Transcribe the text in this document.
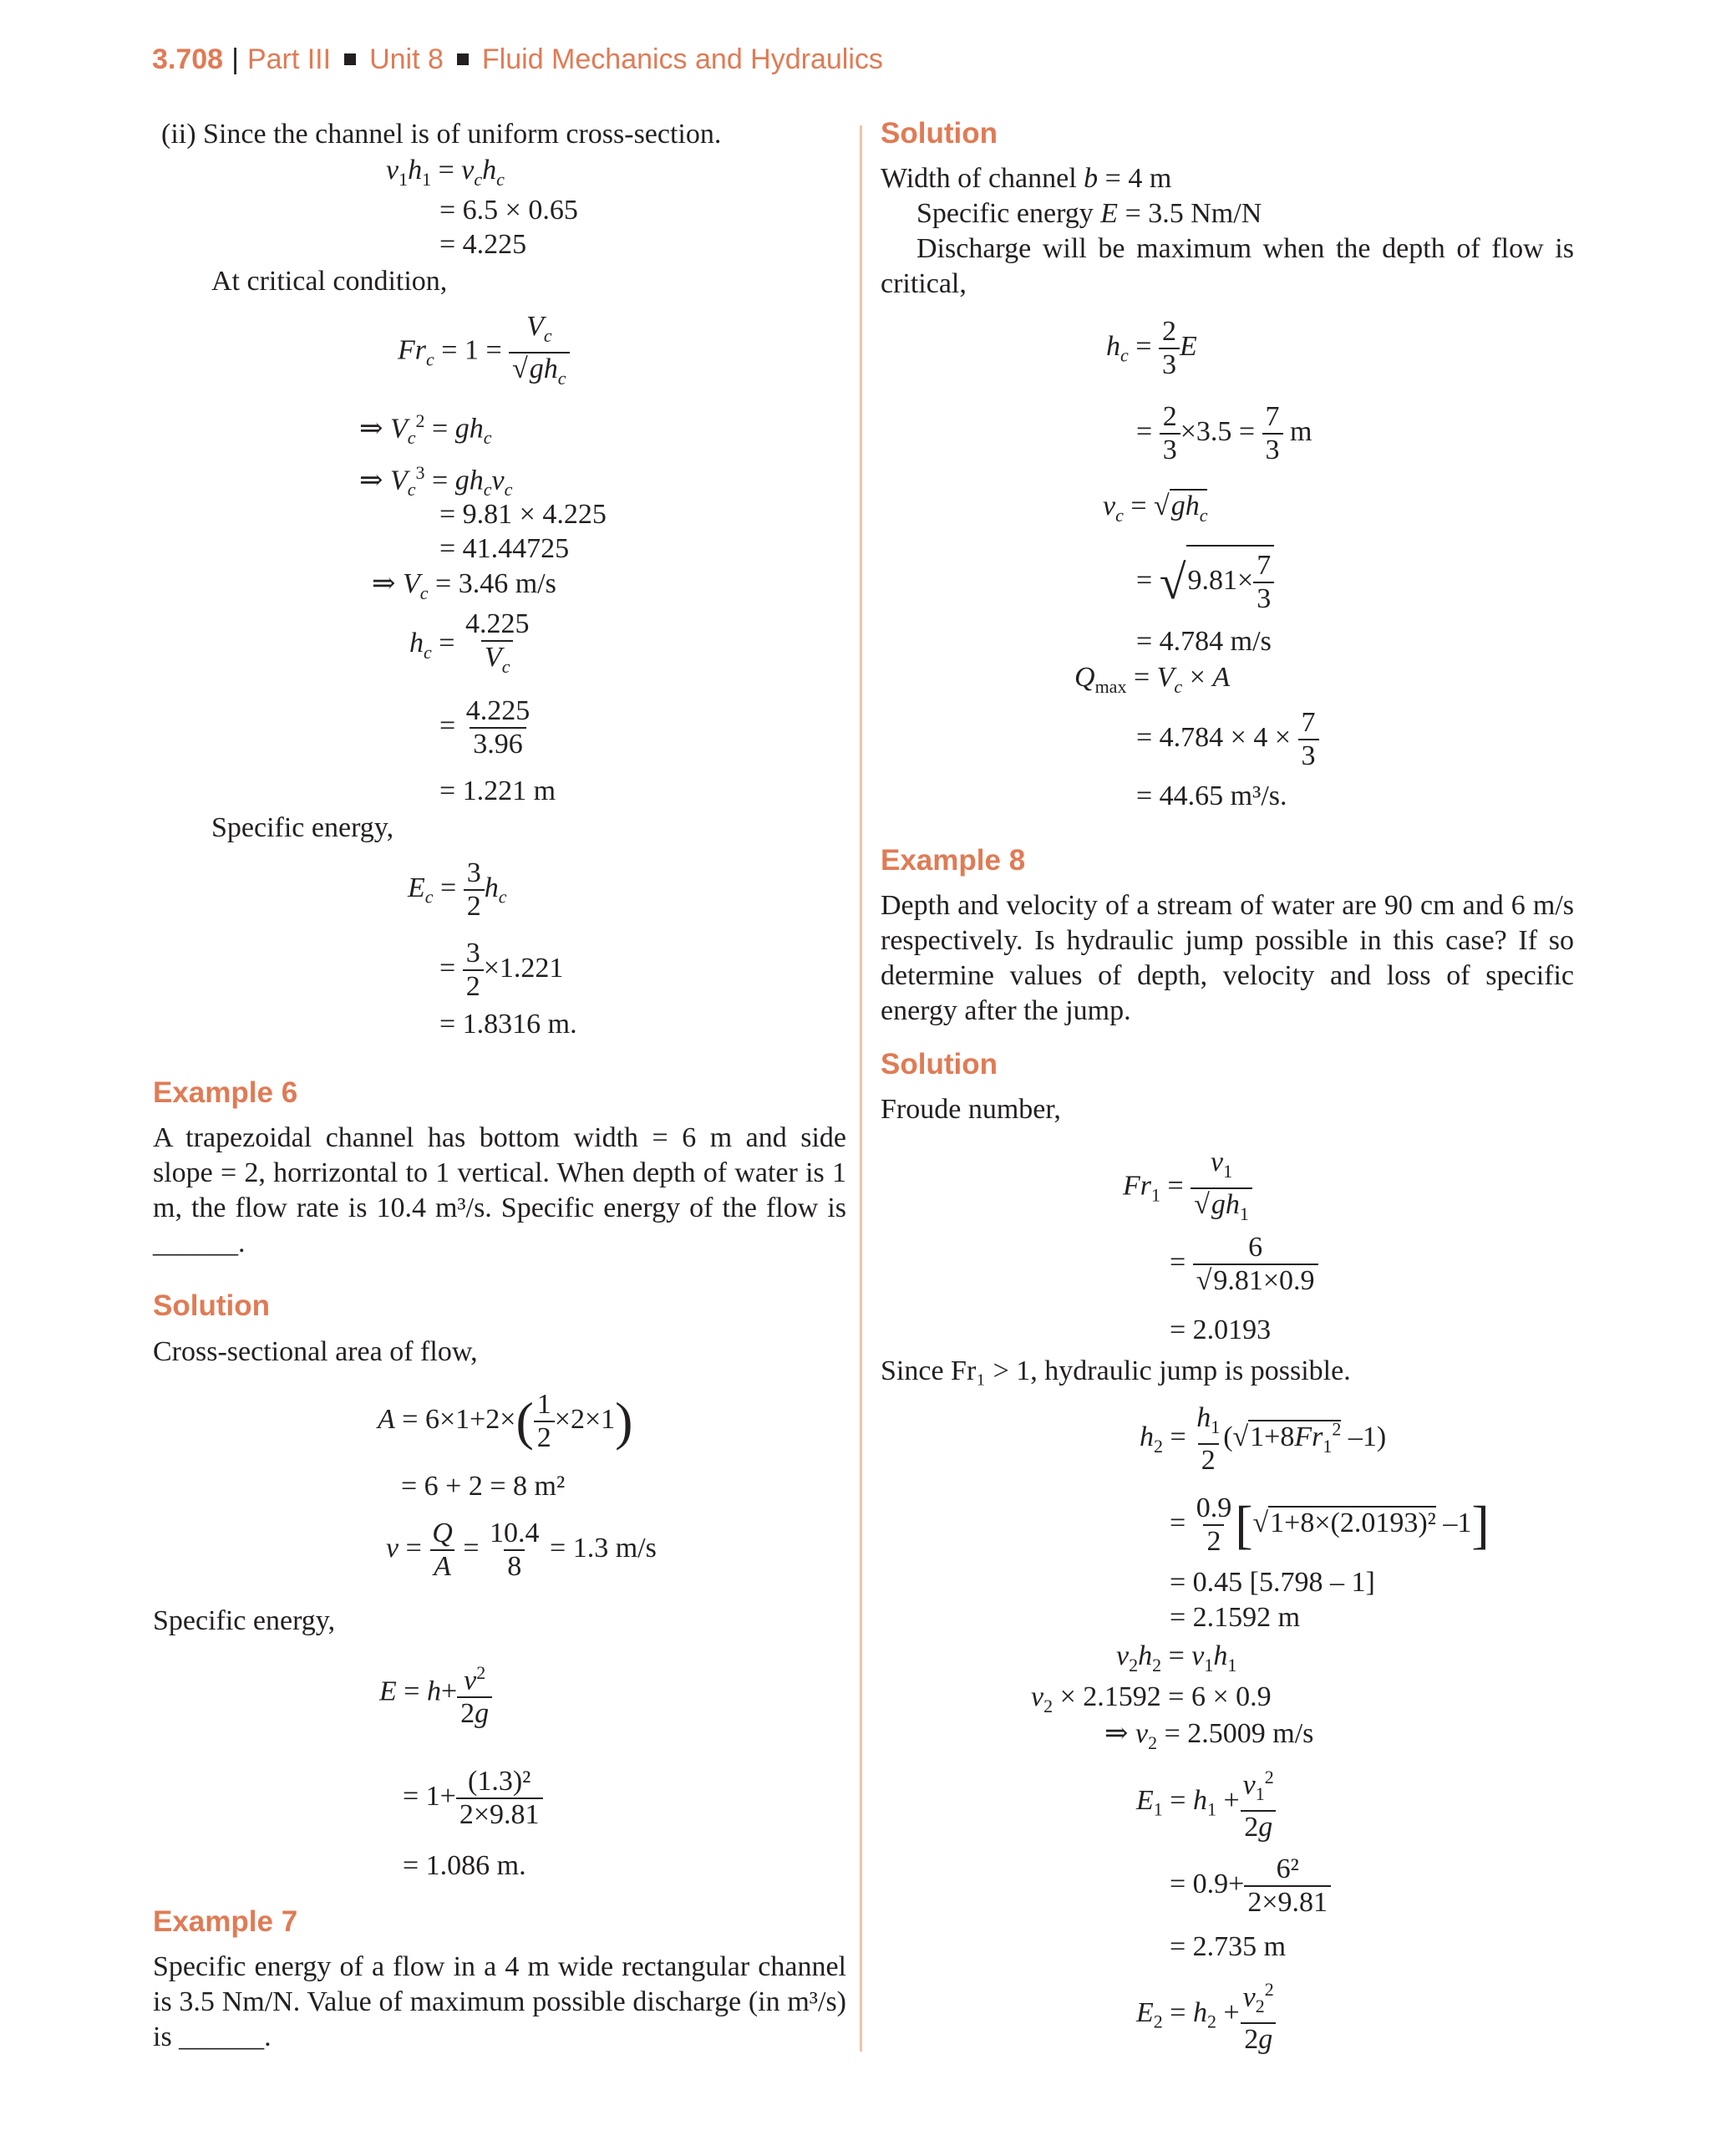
3.708 | Part III Unit 8 Fluid Mechanics and Hydraulics
(ii) Since the channel is of uniform cross-section.
$v_1h_1 = v_ch_c$
= 6.5 × 0.65
= 4.225
At critical condition,
$Fr_c = 1$ =
$V_c$
$√gh_c$
⇒ $V_c^2 = gh_c$
⇒ $V_c^3 = gh_cv_c$
= 9.81 × 4.225
= 41.44725
⇒ $V_c = 3.46$ m/s
$h_c = \frac{4.225}{V_c}$
= $\frac{4.225}{3.96}$
= 1.221 m
Specific energy,
$E_c = \frac{3}{2} h_c$
= $\frac{3}{2} \times 1.221$
= 1.8316 m.
Example 6
A trapezoidal channel has bottom width = 6 m and side slope = 2, horrizontal to 1 vertical. When depth of water is 1 m, the flow rate is 10.4 m³/s. Specific energy of the flow is ______.
Solution
Cross-sectional area of flow,
$A = 6\times 1+2\times( \frac{1}{2} \times 2\times 1)$
= 6 + 2 = 8 m²
$v = \frac{Q}{A} = \frac{10.4}{8} = 1.3$ m/s
Specific energy,
$E = h+ \frac{v^2}{2g}$
= $1+ \frac{\text{(1.3)²}}{2\times 9.81}$
= 1.086 m.
Example 7
Specific energy of a flow in a 4 m wide rectangular channel is 3.5 Nm/N. Value of maximum possible discharge (in m³/s) is ______.
Solution
Width of channel b = 4 m
Specific energy E = 3.5 Nm/N
Discharge will be maximum when the depth of flow is critical,
$h_c = \frac{2}{3}$ E
= $\frac{2}{3} \times 3.5 = \frac{7}{3}$ m
$v_c = √gh_c$
= $√9.81\times \frac{7}{3}$
= 4.784 m/s
$Q_{max} = V_c \times A$
= $4.784 \times 4 \times \frac{7}{3}$
= 44.65 m³/s.
Example 8
Depth and velocity of a stream of water are 90 cm and 6 m/s respectively. Is hydraulic jump possible in this case? If so determine values of depth, velocity and loss of specific energy after the jump.
Solution
Froude number,
$Fr_1 = \frac{v_1}{√gh_1}$
= $\frac{6}{√9.81\times 0.9}$
= 2.0193
Since Fr₁ > 1, hydraulic jump is possible.
$h_2 = \frac{h_1}{2} (√1+8Fr_1^2$ –1)
= $\frac{0.9}{2} [√1+8\times(2.0193)^2$ –1]
= 0.45 [5.798 – 1]
= 2.1592 m
$v_2h_2 = v_1h_1$
$v_2 \times 2.1592 = 6 \times 0.9$
⇒ $v_2 = 2.5009$ m/s
$E_1 = h_1 + \frac{v_1^2}{2g}$
= $0.9+ \frac{\text{6²}}{2\times 9.81}$
= 2.735 m
$E_2 = h_2 + \frac{v_2^2}{2g}$
